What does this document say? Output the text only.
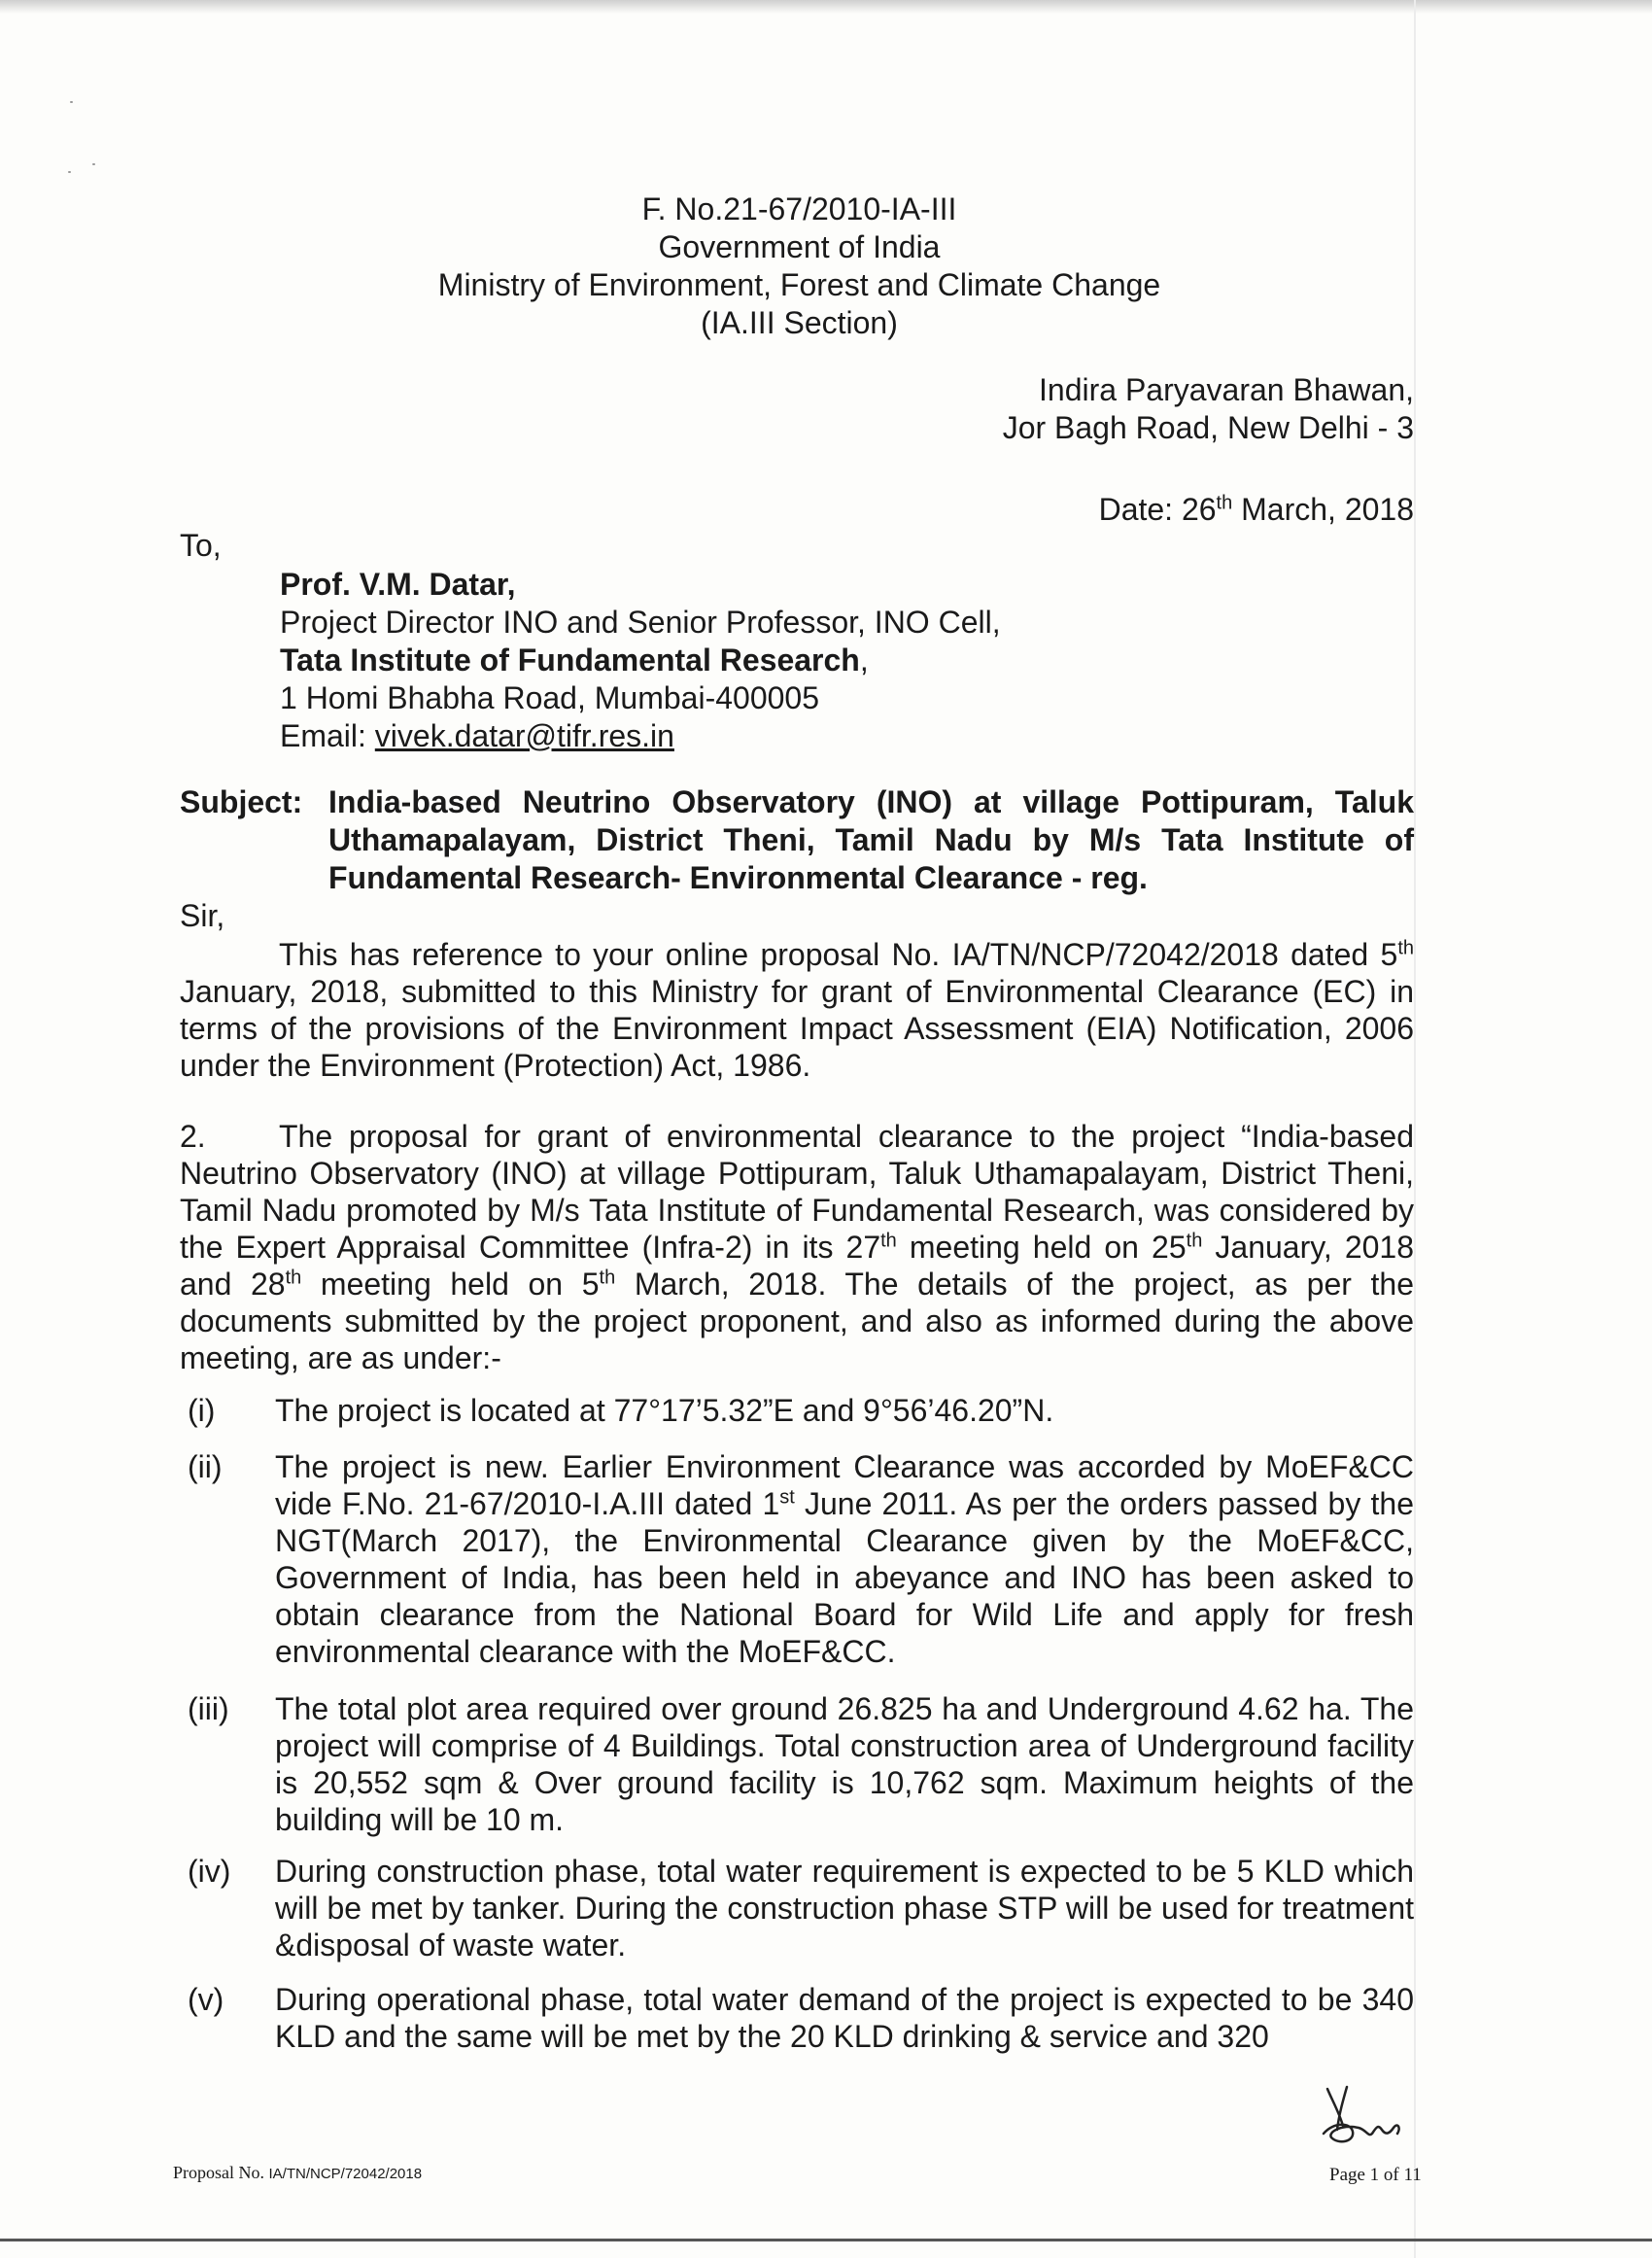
F. No.21-67/2010-IA-III
Government of India
Ministry of Environment, Forest and Climate Change
(IA.III Section)
Indira Paryavaran Bhawan,
Jor Bagh Road, New Delhi - 3
Date: 26th March, 2018
To,
Prof. V.M. Datar,
Project Director INO and Senior Professor, INO Cell,
Tata Institute of Fundamental Research,
1 Homi Bhabha Road, Mumbai-400005
Email: vivek.datar@tifr.res.in
Subject: India-based Neutrino Observatory (INO) at village Pottipuram, Taluk Uthamapalayam, District Theni, Tamil Nadu by M/s Tata Institute of Fundamental Research- Environmental Clearance - reg.
Sir,
This has reference to your online proposal No. IA/TN/NCP/72042/2018 dated 5th January, 2018, submitted to this Ministry for grant of Environmental Clearance (EC) in terms of the provisions of the Environment Impact Assessment (EIA) Notification, 2006 under the Environment (Protection) Act, 1986.
2. The proposal for grant of environmental clearance to the project “India-based Neutrino Observatory (INO) at village Pottipuram, Taluk Uthamapalayam, District Theni, Tamil Nadu promoted by M/s Tata Institute of Fundamental Research, was considered by the Expert Appraisal Committee (Infra-2) in its 27th meeting held on 25th January, 2018 and 28th meeting held on 5th March, 2018. The details of the project, as per the documents submitted by the project proponent, and also as informed during the above meeting, are as under:-
(i) The project is located at 77°17’5.32”E and 9°56’46.20”N.
(ii) The project is new. Earlier Environment Clearance was accorded by MoEF&CC vide F.No. 21-67/2010-I.A.III dated 1st June 2011. As per the orders passed by the NGT(March 2017), the Environmental Clearance given by the MoEF&CC, Government of India, has been held in abeyance and INO has been asked to obtain clearance from the National Board for Wild Life and apply for fresh environmental clearance with the MoEF&CC.
(iii) The total plot area required over ground 26.825 ha and Underground 4.62 ha. The project will comprise of 4 Buildings. Total construction area of Underground facility is 20,552 sqm & Over ground facility is 10,762 sqm. Maximum heights of the building will be 10 m.
(iv) During construction phase, total water requirement is expected to be 5 KLD which will be met by tanker. During the construction phase STP will be used for treatment &disposal of waste water.
(v) During operational phase, total water demand of the project is expected to be 340 KLD and the same will be met by the 20 KLD drinking & service and 320
Proposal No. IA/TN/NCP/72042/2018	Page 1 of 11
